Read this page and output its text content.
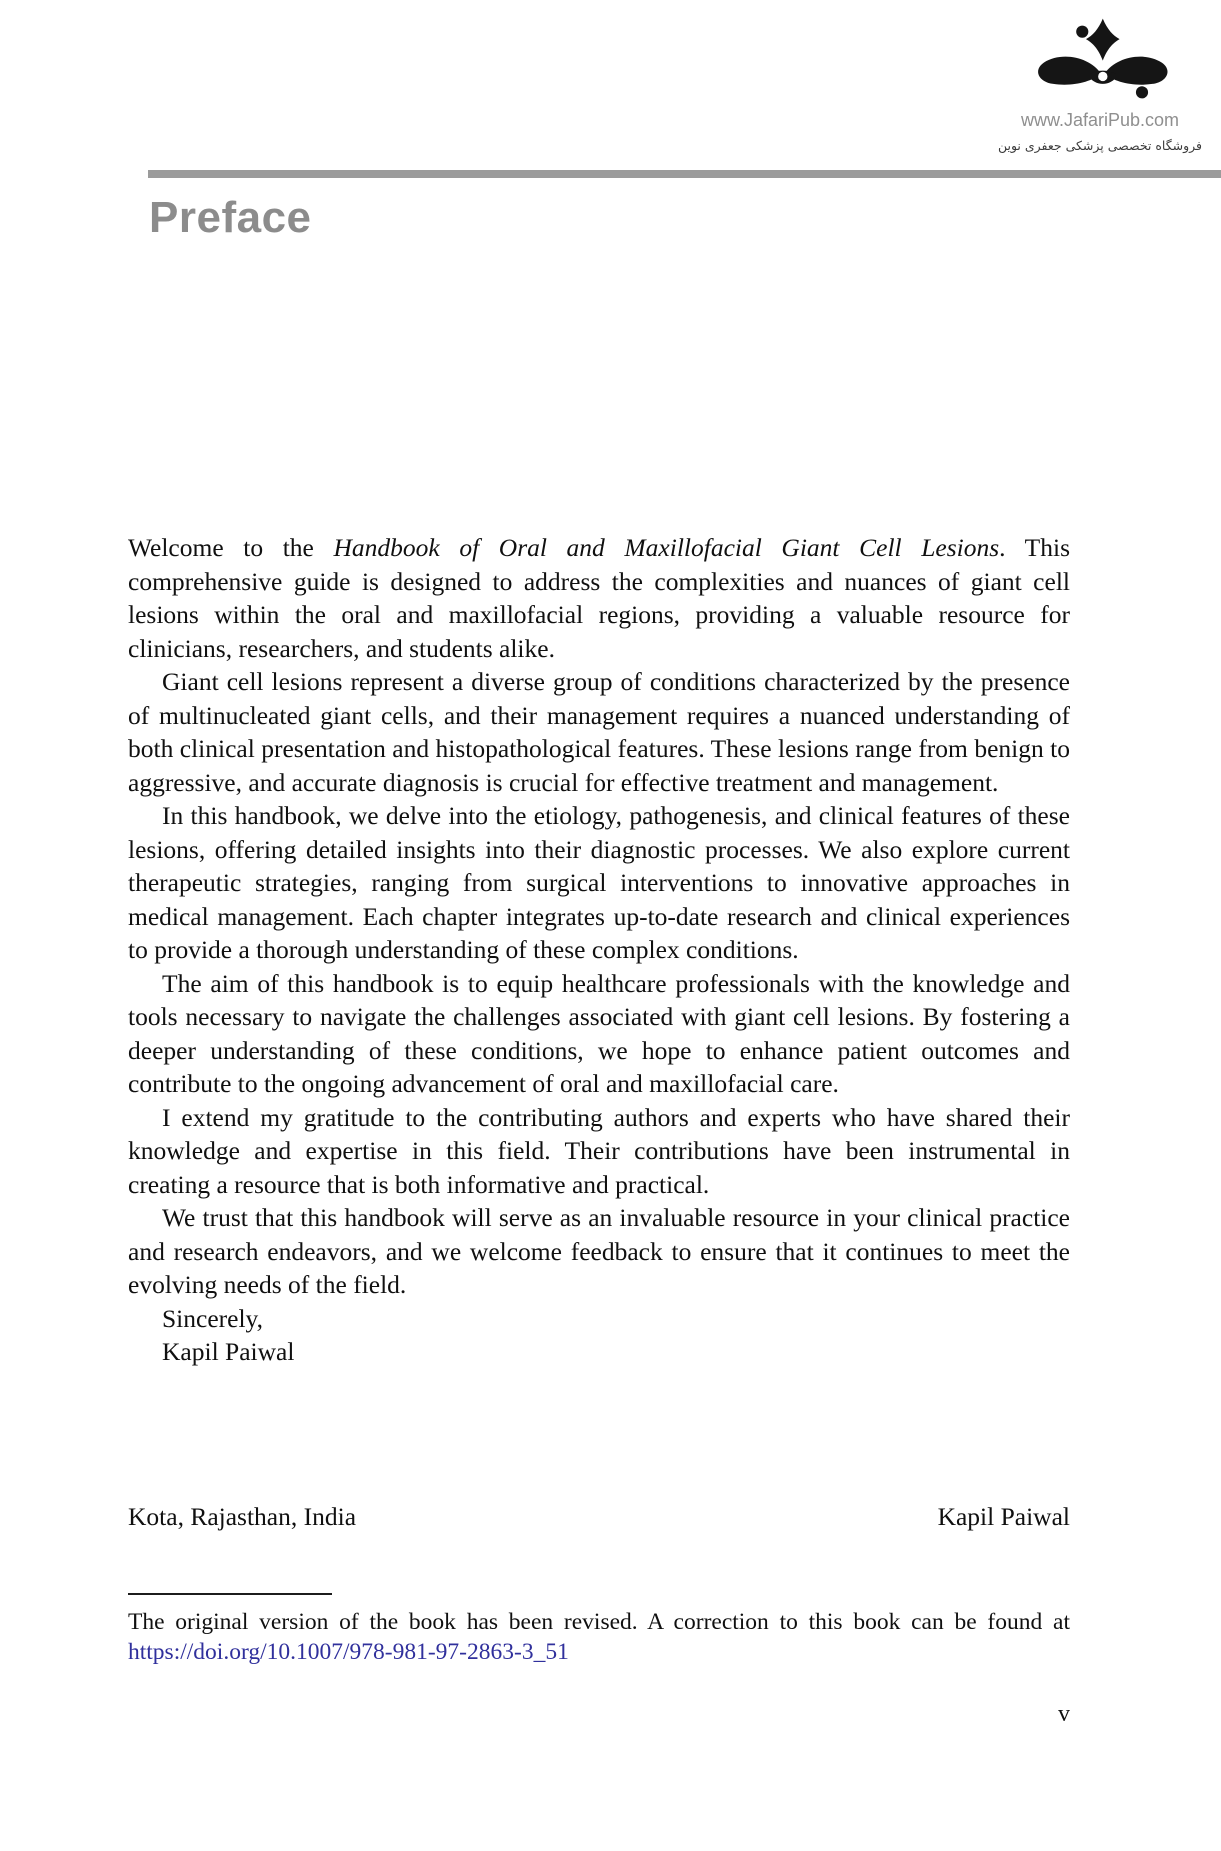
www.JafariPub.com
فروشگاه تخصصی پزشکی جعفری نوین
Preface

Welcome to the Handbook of Oral and Maxillofacial Giant Cell Lesions. This comprehensive guide is designed to address the complexities and nuances of giant cell lesions within the oral and maxillofacial regions, providing a valuable resource for clinicians, researchers, and students alike.

Giant cell lesions represent a diverse group of conditions characterized by the presence of multinucleated giant cells, and their management requires a nuanced understanding of both clinical presentation and histopathological features. These lesions range from benign to aggressive, and accurate diagnosis is crucial for effective treatment and management.

In this handbook, we delve into the etiology, pathogenesis, and clinical features of these lesions, offering detailed insights into their diagnostic processes. We also explore current therapeutic strategies, ranging from surgical interventions to innovative approaches in medical management. Each chapter integrates up-to-date research and clinical experiences to provide a thorough understanding of these complex conditions.

The aim of this handbook is to equip healthcare professionals with the knowledge and tools necessary to navigate the challenges associated with giant cell lesions. By fostering a deeper understanding of these conditions, we hope to enhance patient outcomes and contribute to the ongoing advancement of oral and maxillofacial care.

I extend my gratitude to the contributing authors and experts who have shared their knowledge and expertise in this field. Their contributions have been instrumental in creating a resource that is both informative and practical.

We trust that this handbook will serve as an invaluable resource in your clinical practice and research endeavors, and we welcome feedback to ensure that it continues to meet the evolving needs of the field.

Sincerely,

Kapil Paiwal

Kota, Rajasthan, India	Kapil Paiwal
The original version of the book has been revised. A correction to this book can be found at
https://doi.org/10.1007/978-981-97-2863-3_51
v
